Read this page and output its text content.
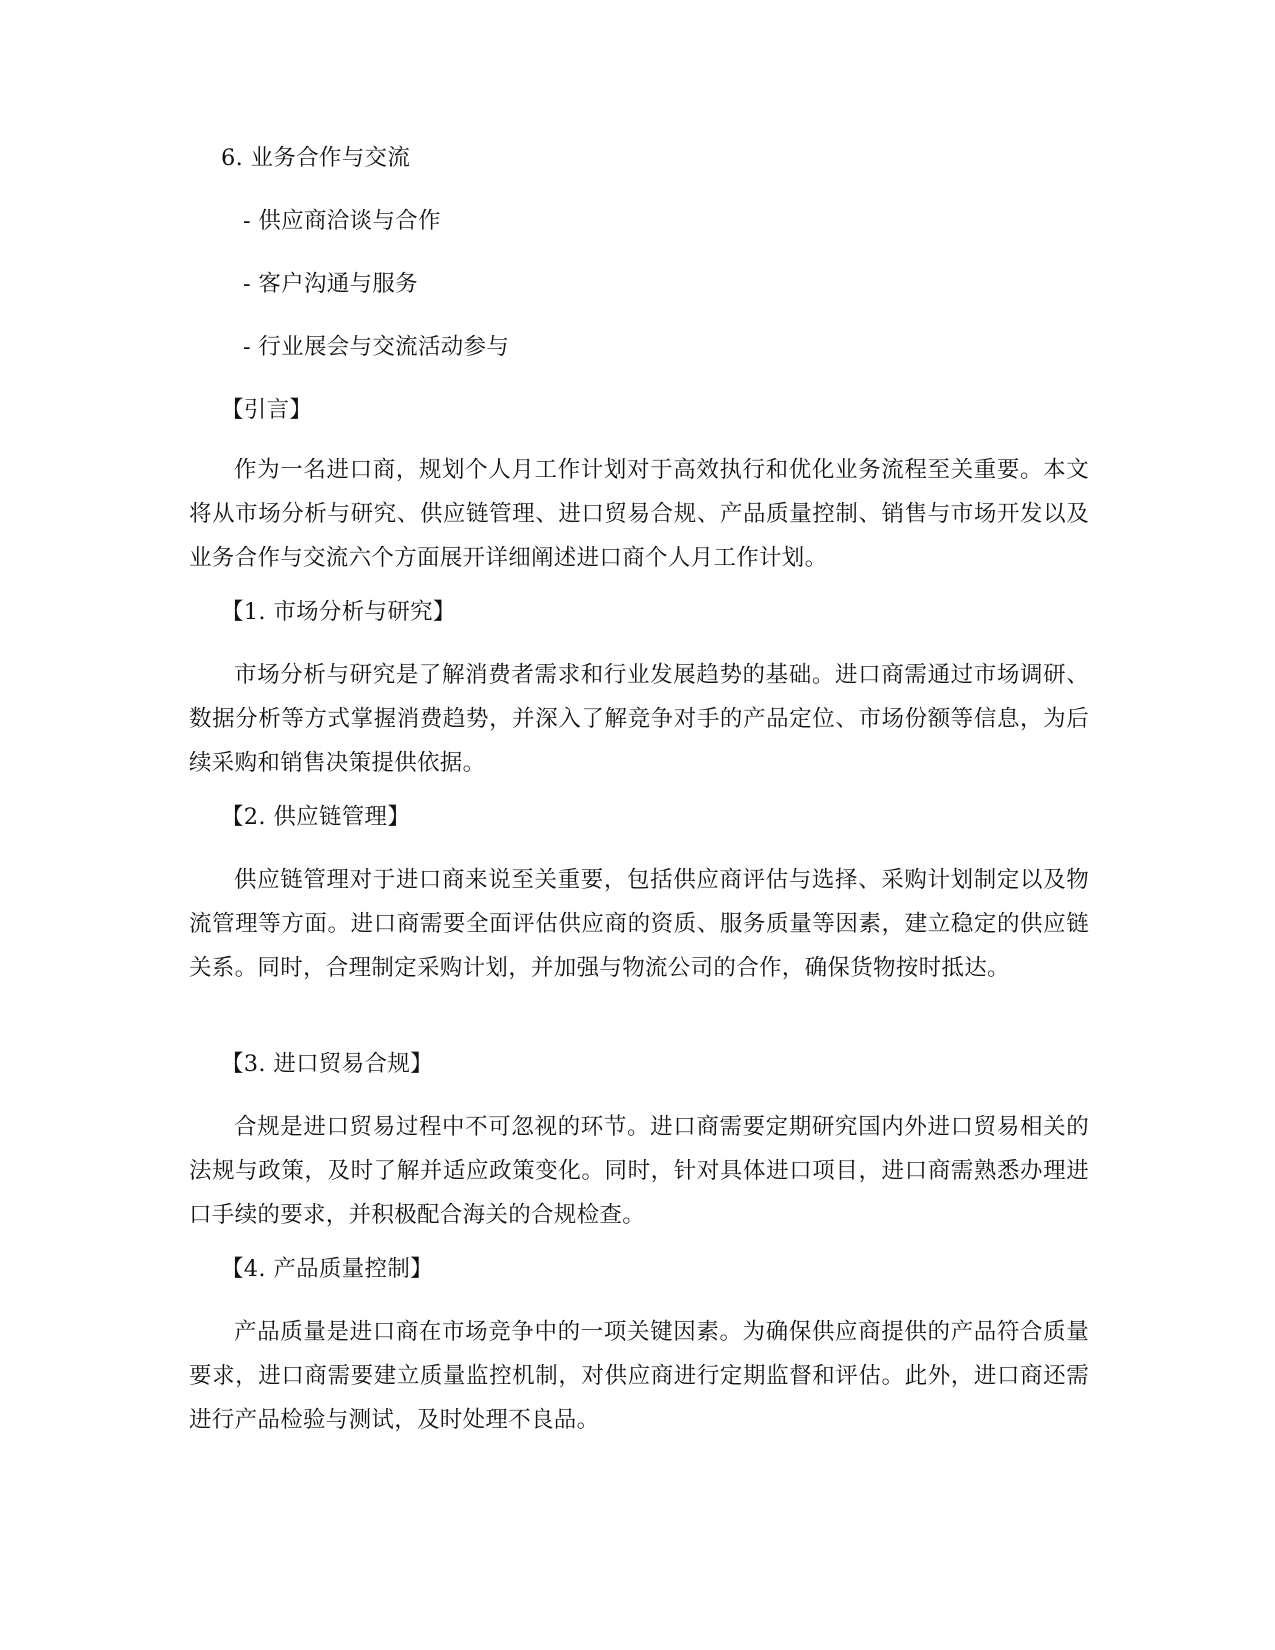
6. 业务合作与交流
- 供应商洽谈与合作
- 客户沟通与服务
- 行业展会与交流活动参与
【引言】

作为一名进口商，规划个人月工作计划对于高效执行和优化业务流程至关重要。本文将从市场分析与研究、供应链管理、进口贸易合规、产品质量控制、销售与市场开发以及业务合作与交流六个方面展开详细阐述进口商个人月工作计划。

【1. 市场分析与研究】

市场分析与研究是了解消费者需求和行业发展趋势的基础。进口商需通过市场调研、数据分析等方式掌握消费趋势，并深入了解竞争对手的产品定位、市场份额等信息，为后续采购和销售决策提供依据。

【2. 供应链管理】

供应链管理对于进口商来说至关重要，包括供应商评估与选择、采购计划制定以及物流管理等方面。进口商需要全面评估供应商的资质、服务质量等因素，建立稳定的供应链关系。同时，合理制定采购计划，并加强与物流公司的合作，确保货物按时抵达。

【3. 进口贸易合规】

合规是进口贸易过程中不可忽视的环节。进口商需要定期研究国内外进口贸易相关的法规与政策，及时了解并适应政策变化。同时，针对具体进口项目，进口商需熟悉办理进口手续的要求，并积极配合海关的合规检查。

【4. 产品质量控制】

产品质量是进口商在市场竞争中的一项关键因素。为确保供应商提供的产品符合质量要求，进口商需要建立质量监控机制，对供应商进行定期监督和评估。此外，进口商还需进行产品检验与测试，及时处理不良品。
